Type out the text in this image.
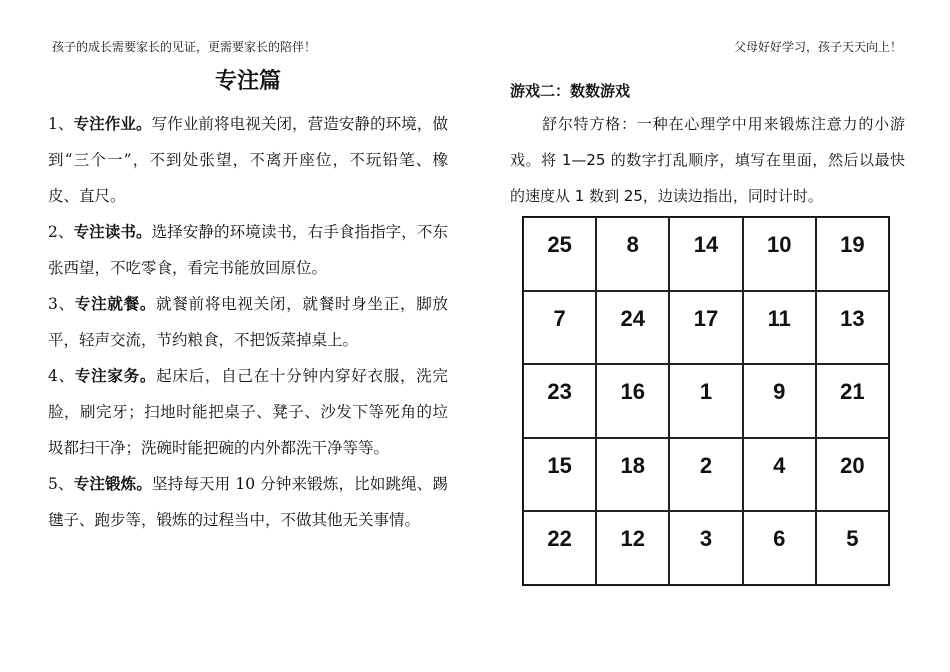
孩子的成长需要家长的见证，更需要家长的陪伴！	父母好好学习，孩子天天向上！
专注篇

1、专注作业。写作业前将电视关闭，营造安静的环境，做到“三个一”，不到处张望，不离开座位，不玩铅笔、橡皮、直尺。

2、专注读书。选择安静的环境读书，右手食指指字，不东张西望，不吃零食，看完书能放回原位。

3、专注就餐。就餐前将电视关闭，就餐时身坐正，脚放平，轻声交流，节约粮食，不把饭菜掉桌上。

4、专注家务。起床后，自己在十分钟内穿好衣服，洗完脸，刷完牙；扫地时能把桌子、凳子、沙发下等死角的垃圾都扫干净；洗碗时能把碗的内外都洗干净等等。

5、专注锻炼。坚持每天用 10 分钟来锻炼，比如跳绳、踢毽子、跑步等，锻炼的过程当中，不做其他无关事情。

游戏二：数数游戏

舒尔特方格：一种在心理学中用来锻炼注意力的小游戏。将 1—25 的数字打乱顺序，填写在里面，然后以最快的速度从 1 数到 25，边读边指出，同时计时。

25	8	14	10	19
7	24	17	11	13
23	16	1	9	21
15	18	2	4	20
22	12	3	6	5
